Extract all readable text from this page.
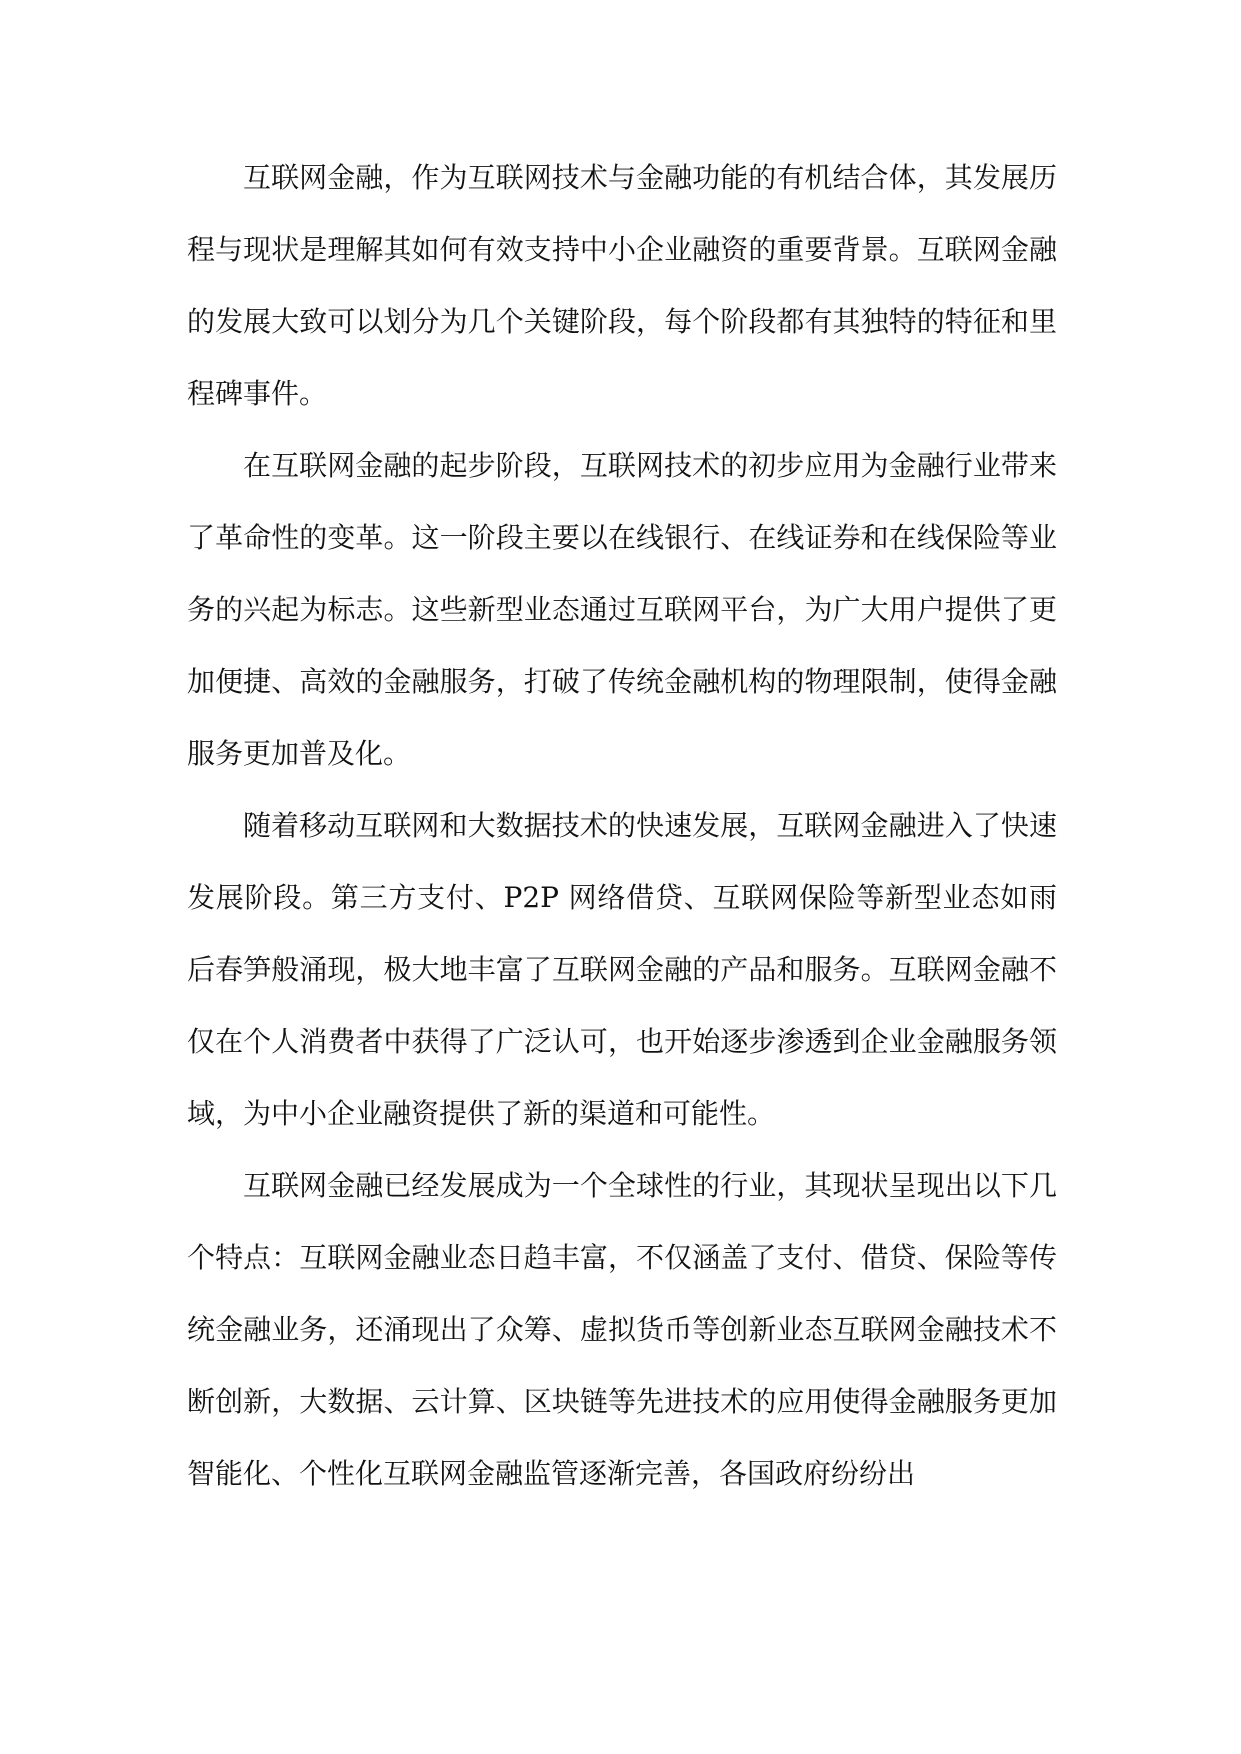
互联网金融，作为互联网技术与金融功能的有机结合体，其发展历程与现状是理解其如何有效支持中小企业融资的重要背景。互联网金融的发展大致可以划分为几个关键阶段，每个阶段都有其独特的特征和里程碑事件。

在互联网金融的起步阶段，互联网技术的初步应用为金融行业带来了革命性的变革。这一阶段主要以在线银行、在线证券和在线保险等业务的兴起为标志。这些新型业态通过互联网平台，为广大用户提供了更加便捷、高效的金融服务，打破了传统金融机构的物理限制，使得金融服务更加普及化。

随着移动互联网和大数据技术的快速发展，互联网金融进入了快速发展阶段。第三方支付、P2P 网络借贷、互联网保险等新型业态如雨后春笋般涌现，极大地丰富了互联网金融的产品和服务。互联网金融不仅在个人消费者中获得了广泛认可，也开始逐步渗透到企业金融服务领域，为中小企业融资提供了新的渠道和可能性。

互联网金融已经发展成为一个全球性的行业，其现状呈现出以下几个特点：互联网金融业态日趋丰富，不仅涵盖了支付、借贷、保险等传统金融业务，还涌现出了众筹、虚拟货币等创新业态互联网金融技术不断创新，大数据、云计算、区块链等先进技术的应用使得金融服务更加智能化、个性化互联网金融监管逐渐完善，各国政府纷纷出
